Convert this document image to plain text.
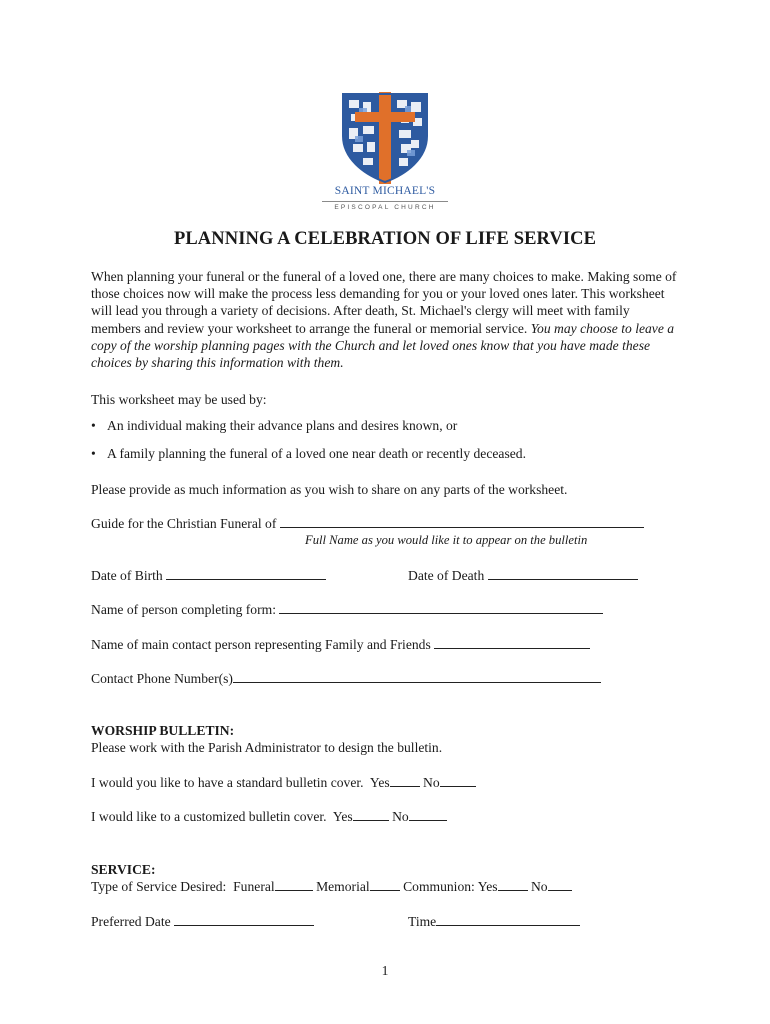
SAINT MICHAEL'S
EPISCOPAL CHURCH
PLANNING A CELEBRATION OF LIFE SERVICE
When planning your funeral or the funeral of a loved one, there are many choices to make. Making some of those choices now will make the process less demanding for you or your loved ones later. This worksheet will lead you through a variety of decisions. After death, St. Michael's clergy will meet with family members and review your worksheet to arrange the funeral or memorial service. You may choose to leave a copy of the worship planning pages with the Church and let loved ones know that you have made these choices by sharing this information with them.
This worksheet may be used by:
• An individual making their advance plans and desires known, or
• A family planning the funeral of a loved one near death or recently deceased.
Please provide as much information as you wish to share on any parts of the worksheet.
Guide for the Christian Funeral of
Full Name as you would like it to appear on the bulletin
Date of Birth	Date of Death
Name of person completing form:
Name of main contact person representing Family and Friends
Contact Phone Number(s)
WORSHIP BULLETIN:
Please work with the Parish Administrator to design the bulletin.
I would you like to have a standard bulletin cover. Yes No
I would like to a customized bulletin cover. Yes	No
SERVICE:
Type of Service Desired: Funeral	Memorial Communion: Yes No
Preferred Date	Time
1
